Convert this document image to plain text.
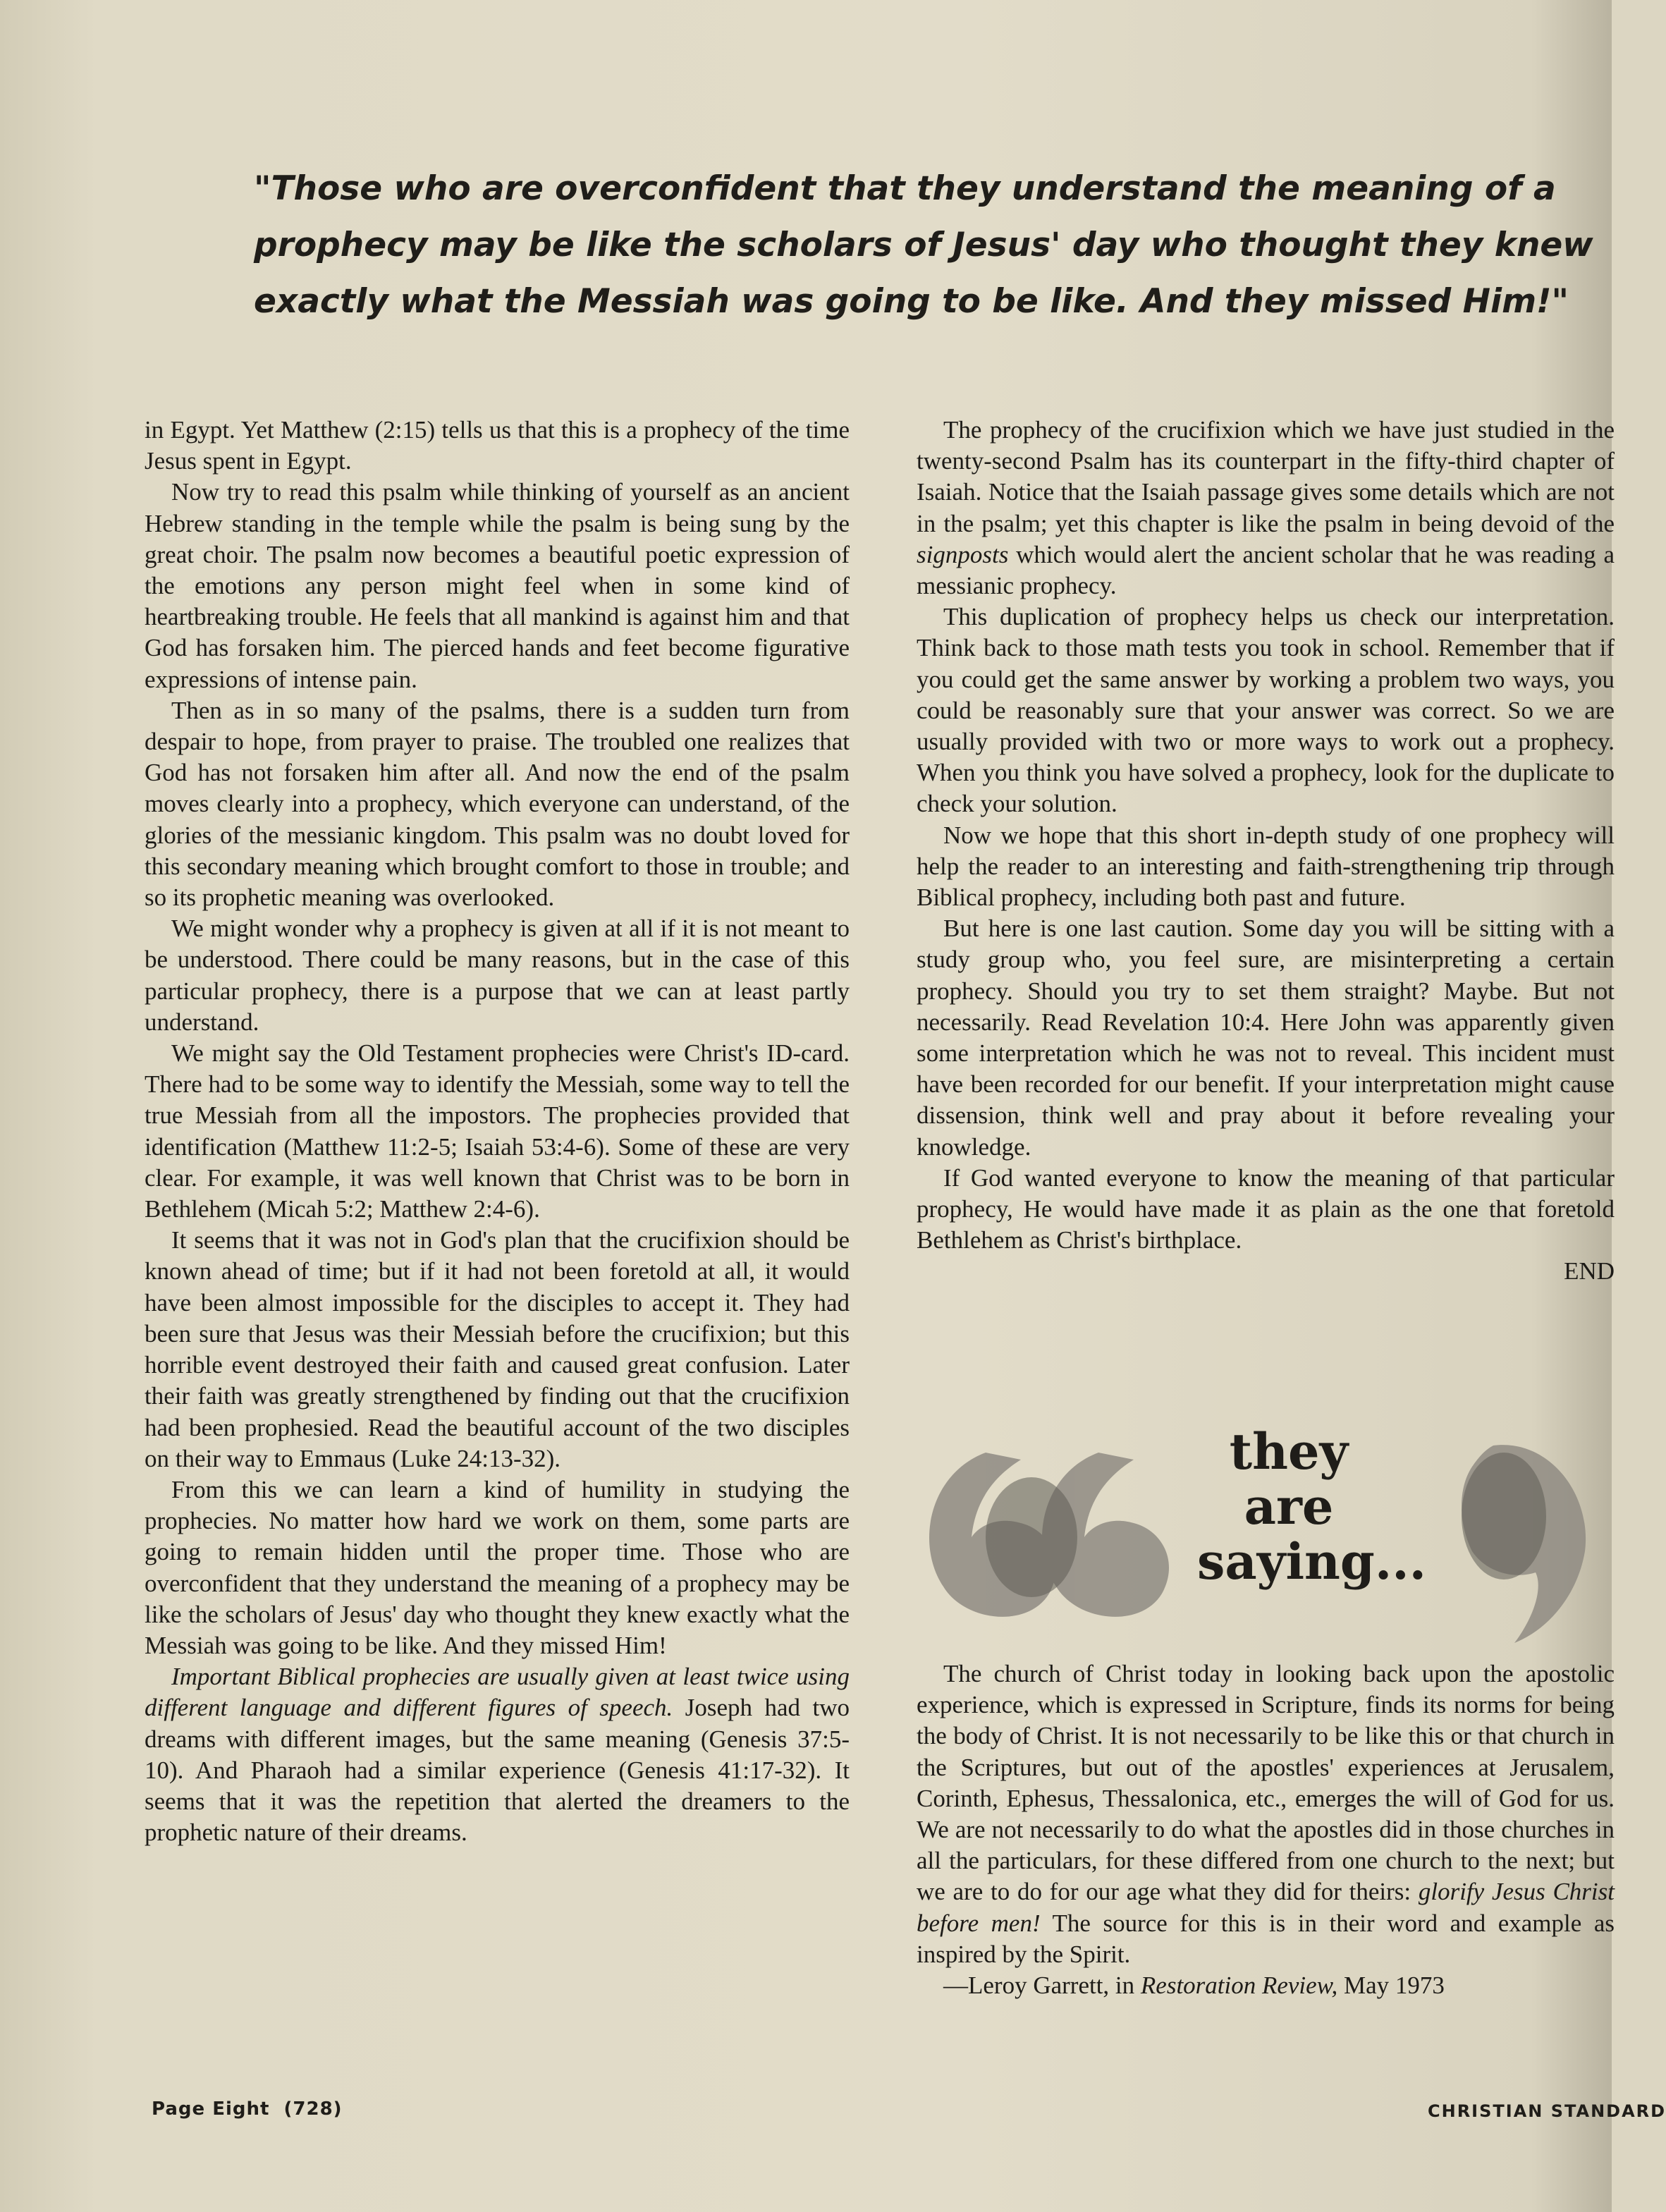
"Those who are overconfident that they understand the meaning of a
prophecy may be like the scholars of Jesus' day who thought they knew
exactly what the Messiah was going to be like. And they missed Him!"

in Egypt. Yet Matthew (2:15) tells us that this is a prophecy of the time Jesus spent in Egypt.

Now try to read this psalm while thinking of yourself as an ancient Hebrew standing in the temple while the psalm is being sung by the great choir. The psalm now becomes a beautiful poetic expression of the emotions any person might feel when in some kind of heartbreaking trouble. He feels that all mankind is against him and that God has forsaken him. The pierced hands and feet become figurative expressions of intense pain.

Then as in so many of the psalms, there is a sudden turn from despair to hope, from prayer to praise. The troubled one realizes that God has not forsaken him after all. And now the end of the psalm moves clearly into a prophecy, which everyone can understand, of the glories of the messianic kingdom. This psalm was no doubt loved for this secondary meaning which brought comfort to those in trouble; and so its prophetic meaning was overlooked.

We might wonder why a prophecy is given at all if it is not meant to be understood. There could be many reasons, but in the case of this particular prophecy, there is a purpose that we can at least partly understand.

We might say the Old Testament prophecies were Christ's ID-card. There had to be some way to identify the Messiah, some way to tell the true Messiah from all the impostors. The prophecies provided that identification (Matthew 11:2-5; Isaiah 53:4-6). Some of these are very clear. For example, it was well known that Christ was to be born in Bethlehem (Micah 5:2; Matthew 2:4-6).

It seems that it was not in God's plan that the crucifixion should be known ahead of time; but if it had not been foretold at all, it would have been almost impossible for the disciples to accept it. They had been sure that Jesus was their Messiah before the crucifixion; but this horrible event destroyed their faith and caused great confusion. Later their faith was greatly strengthened by finding out that the crucifixion had been prophesied. Read the beautiful account of the two disciples on their way to Emmaus (Luke 24:13-32).

From this we can learn a kind of humility in studying the prophecies. No matter how hard we work on them, some parts are going to remain hidden until the proper time. Those who are overconfident that they understand the meaning of a prophecy may be like the scholars of Jesus' day who thought they knew exactly what the Messiah was going to be like. And they missed Him!

Important Biblical prophecies are usually given at least twice using different language and different figures of speech. Joseph had two dreams with different images, but the same meaning (Genesis 37:5-10). And Pharaoh had a similar experience (Genesis 41:17-32). It seems that it was the repetition that alerted the dreamers to the prophetic nature of their dreams.

The prophecy of the crucifixion which we have just studied in the twenty-second Psalm has its counterpart in the fifty-third chapter of Isaiah. Notice that the Isaiah passage gives some details which are not in the psalm; yet this chapter is like the psalm in being devoid of the signposts which would alert the ancient scholar that he was reading a messianic prophecy.

This duplication of prophecy helps us check our interpretation. Think back to those math tests you took in school. Remember that if you could get the same answer by working a problem two ways, you could be reasonably sure that your answer was correct. So we are usually provided with two or more ways to work out a prophecy. When you think you have solved a prophecy, look for the duplicate to check your solution.

Now we hope that this short in-depth study of one prophecy will help the reader to an interesting and faith-strengthening trip through Biblical prophecy, including both past and future.

But here is one last caution. Some day you will be sitting with a study group who, you feel sure, are misinterpreting a certain prophecy. Should you try to set them straight? Maybe. But not necessarily. Read Revelation 10:4. Here John was apparently given some interpretation which he was not to reveal. This incident must have been recorded for our benefit. If your interpretation might cause dissension, think well and pray about it before revealing your knowledge.

If God wanted everyone to know the meaning of that particular prophecy, He would have made it as plain as the one that foretold Bethlehem as Christ's birthplace.

END
they
are
saying...

The church of Christ today in looking back upon the apostolic experience, which is expressed in Scripture, finds its norms for being the body of Christ. It is not necessarily to be like this or that church in the Scriptures, but out of the apostles' experiences at Jerusalem, Corinth, Ephesus, Thessalonica, etc., emerges the will of God for us. We are not necessarily to do what the apostles did in those churches in all the particulars, for these differed from one church to the next; but we are to do for our age what they did for theirs: glorify Jesus Christ before men! The source for this is in their word and example as inspired by the Spirit.

—Leroy Garrett, in Restoration Review, May 1973

Page Eight (728)	CHRISTIAN STANDARD
